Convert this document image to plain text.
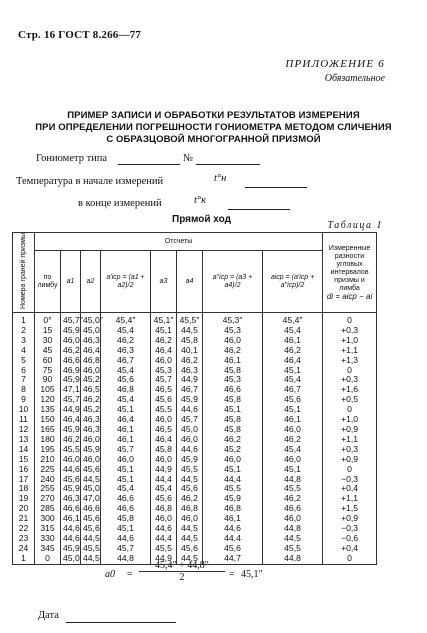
Стр. 16 ГОСТ 8.266—77
ПРИЛОЖЕНИЕ 6
Обязательное
ПРИМЕР ЗАПИСИ И ОБРАБОТКИ РЕЗУЛЬТАТОВ ИЗМЕРЕНИЯ
ПРИ ОПРЕДЕЛЕНИИ ПОГРЕШНОСТИ ГОНИОМЕТРА МЕТОДОМ СЛИЧЕНИЯ
С ОБРАЗЦОВОЙ МНОГОГРАННОЙ ПРИЗМОЙ
Гониометр типа	№
Температура в начале измерений	t°н
в конце измерений	t°к
Прямой ход
Таблица 1
Номера граней призмы	Отсчеты								Измеренные разности угловых интервалов призмы и лимба
di = aicp − ai

	по лимбу	a1	a2	a′icp = (a1 + a2)/2	a3	a4	a″icp = (a3 + a4)/2	aicp = (a′icp + a″icp)/2	
1	0°	45,7″	45,0″	45,4″	45,1″	45,5″	45,3″	45,4″	0
2	15	45,9	45,0	45,4	45,1	44,5	45,3	45,4	+0,3
3	30	46,0	46,3	46,2	46,2	45,8	46,0	46,1	+1,0
4	45	46,2	46,4	46,3	46,4	40,1	46,2	46,2	+1,1
5	60	46,6	46,8	46,7	46,0	46,2	46,1	46,4	+1,3
6	75	46,9	46,0	45,4	45,3	46,3	45,8	45,1	0
7	90	45,9	45,2	45,6	45,7	44,9	45,3	45,4	+0,3
8	105	47,1	46,5	46,8	46,5	46,7	46,6	46,7	+1,6
9	120	45,7	46,2	45,4	45,6	45,9	45,8	45,6	+0,5
10	135	44,9	45,2	45,1	45,5	44,6	45,1	45,1	0
11	150	46,4	46,3	46,4	46,0	45,7	45,8	46,1	+1,0
12	165	45,9	46,3	46,1	46,5	45,0	45,8	46,0	+0,9
13	180	46,2	46,0	46,1	46,4	46,0	46,2	46,2	+1,1
14	195	45,5	45,9	45,7	45,8	44,6	45,2	45,4	+0,3
15	210	46,0	46,0	46,0	46,0	45,9	46,0	46,0	+0,9
16	225	44,6	45,6	45,1	44,9	45,5	45,1	45,1	0
17	240	45,6	44,5	45,1	44,4	44,5	44,4	44,8	−0,3
18	255	45,9	45,0	45,4	45,4	45,6	45,5	45,5	+0,4
19	270	46,3	47,0	46,6	45,6	46,2	45,9	46,2	+1,1
20	285	46,6	46,6	46,6	46,8	46,8	46,8	46,6	+1,5
21	300	46,1	45,6	45,8	46,0	46,0	46,1	46,0	+0,9
22	315	44,6	45,6	45,1	44,6	44,5	44,6	44,8	−0,3
23	330	44,6	44,5	44,6	44,4	44,5	44,4	44,5	−0,6
24	345	45,9	45,5	45,7	45,5	45,6	45,6	45,5	+0,4
1	0	45,0	44,5	44,8	44,9	44,5	44,7	44,8	0
$a0 = \frac{45,4'' + 44,8''}{2} = 45,1''$
Дата
